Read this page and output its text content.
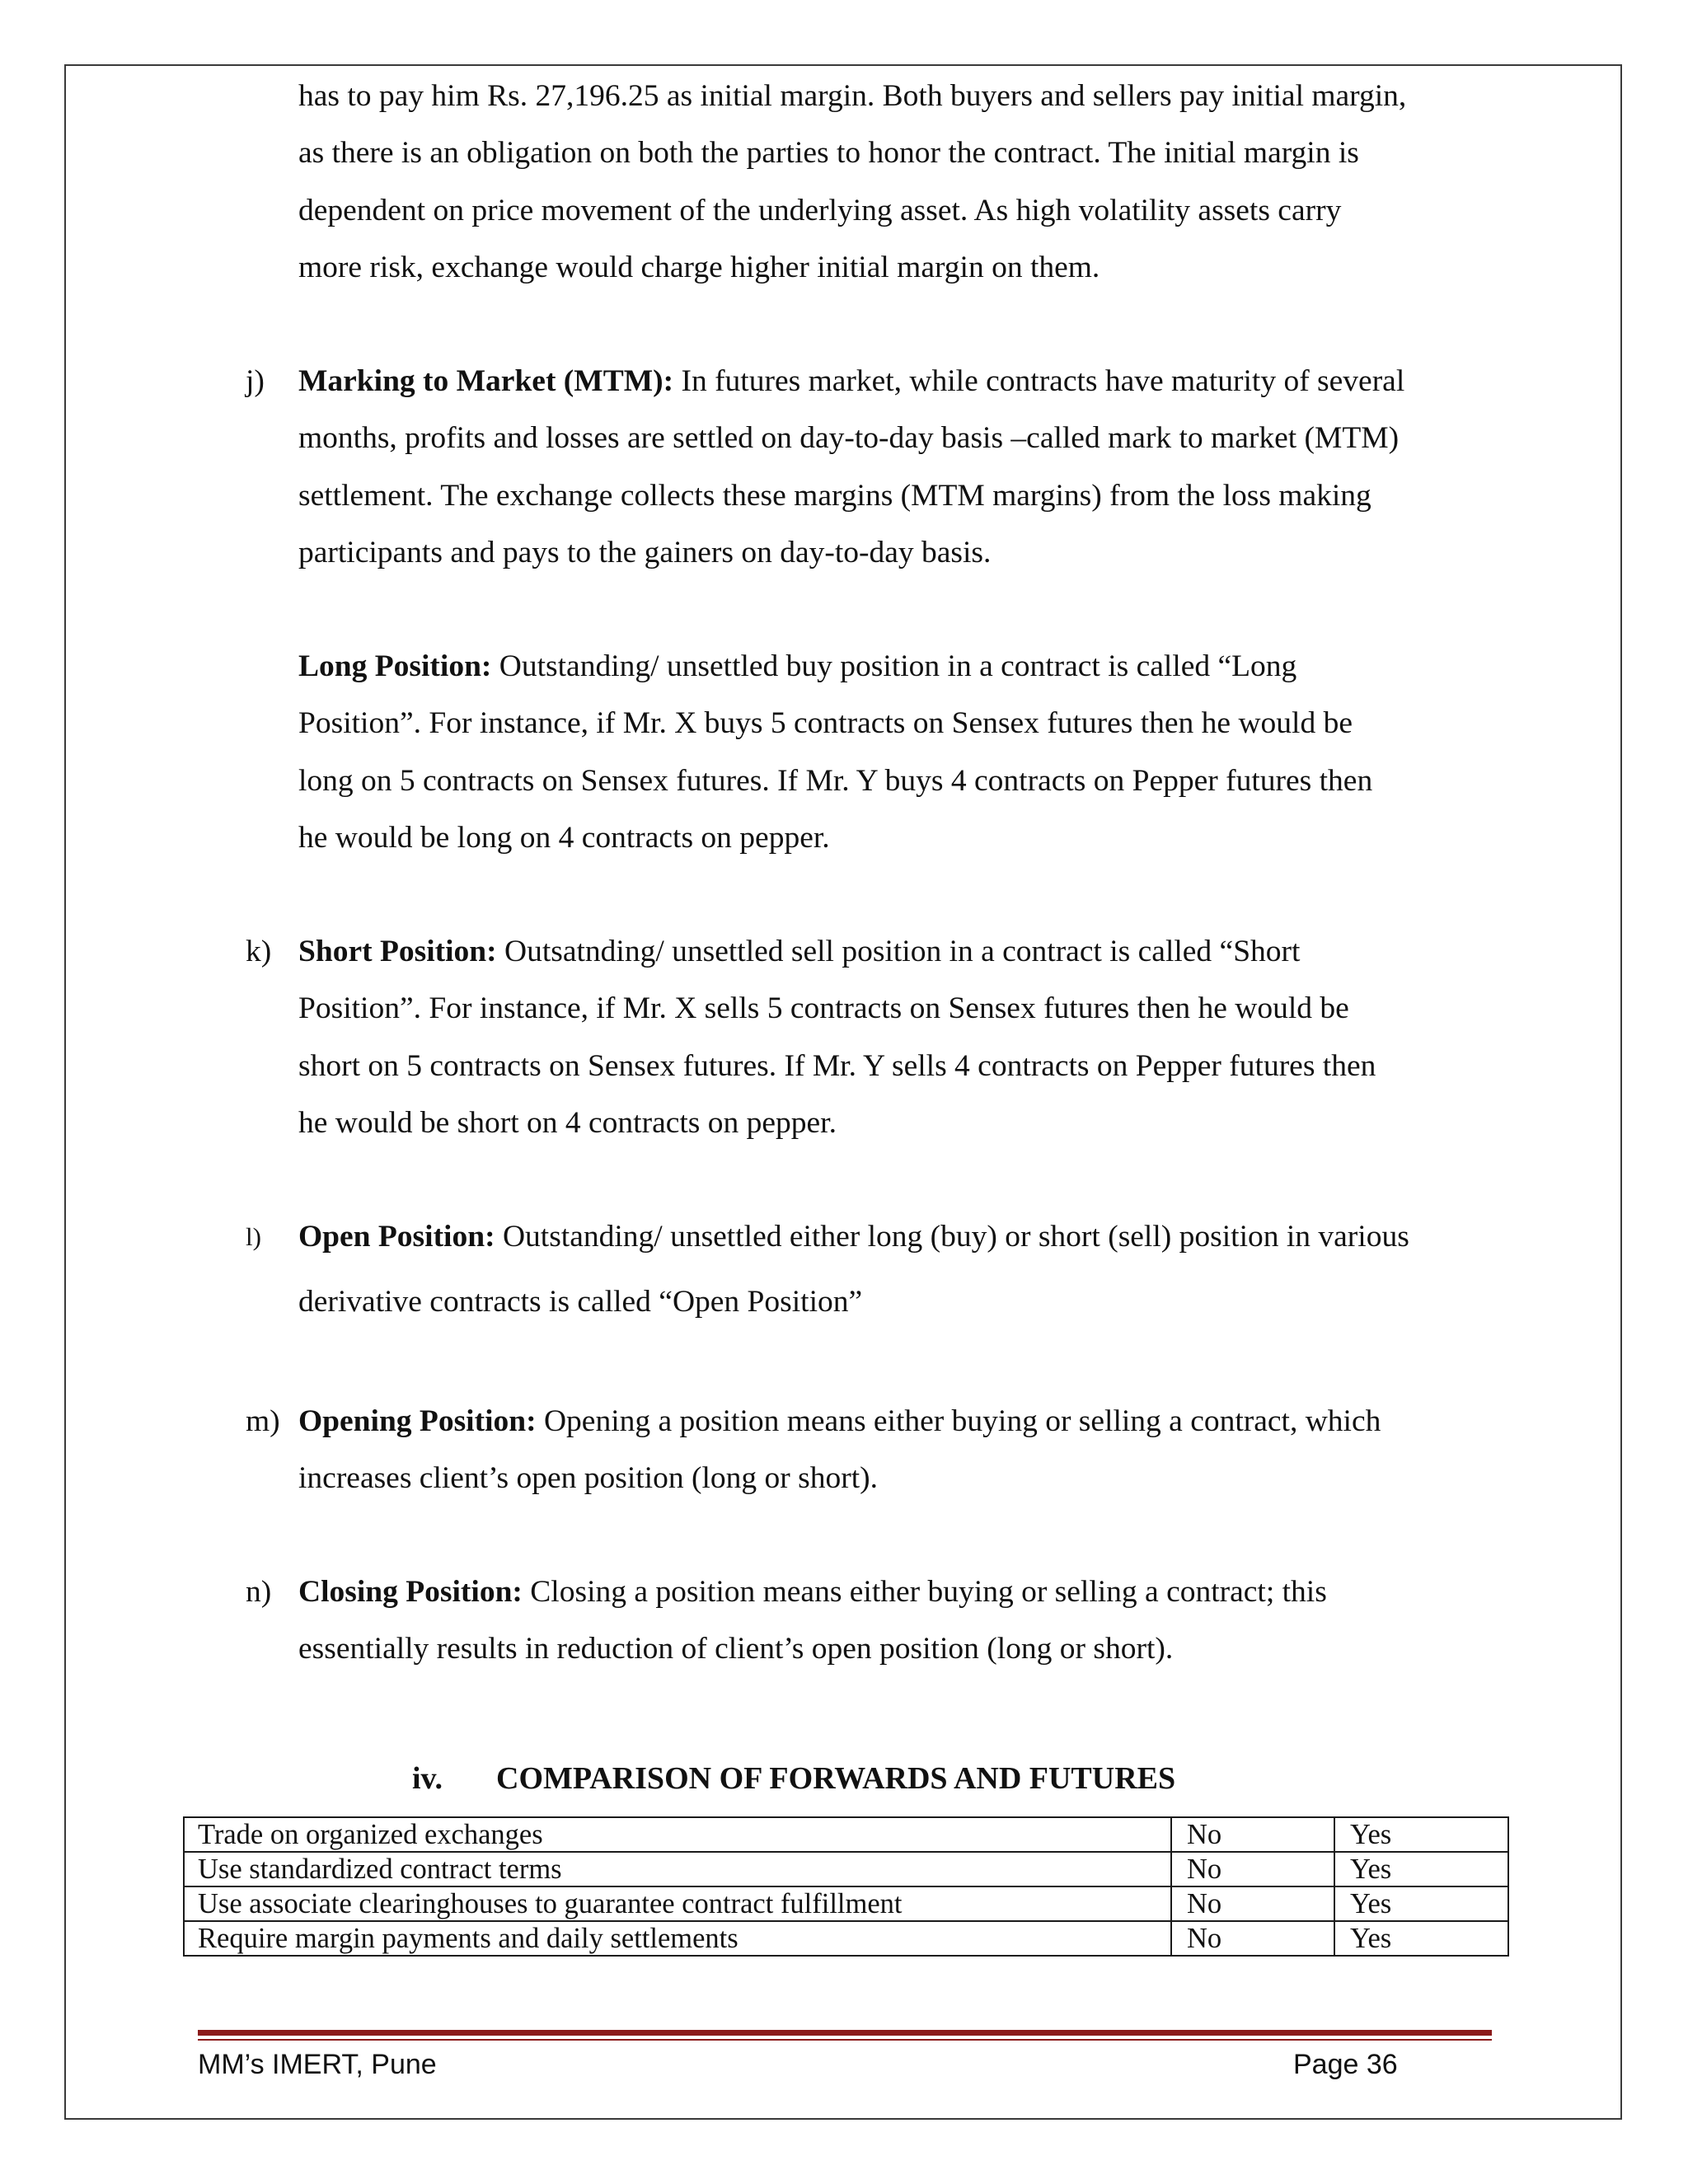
has to pay him Rs. 27,196.25 as initial margin. Both buyers and sellers pay initial margin,
as there is an obligation on both the parties to honor the contract. The initial margin is
dependent on price movement of the underlying asset. As high volatility assets carry
more risk, exchange would charge higher initial margin on them.
j) Marking to Market (MTM): In futures market, while contracts have maturity of several
months, profits and losses are settled on day-to-day basis –called mark to market (MTM)
settlement. The exchange collects these margins (MTM margins) from the loss making
participants and pays to the gainers on day-to-day basis.
Long Position: Outstanding/ unsettled buy position in a contract is called “Long
Position”. For instance, if Mr. X buys 5 contracts on Sensex futures then he would be
long on 5 contracts on Sensex futures. If Mr. Y buys 4 contracts on Pepper futures then
he would be long on 4 contracts on pepper.
k) Short Position: Outsatnding/ unsettled sell position in a contract is called “Short
Position”. For instance, if Mr. X sells 5 contracts on Sensex futures then he would be
short on 5 contracts on Sensex futures. If Mr. Y sells 4 contracts on Pepper futures then
he would be short on 4 contracts on pepper.
l) Open Position: Outstanding/ unsettled either long (buy) or short (sell) position in various
derivative contracts is called “Open Position”
m) Opening Position: Opening a position means either buying or selling a contract, which
increases client’s open position (long or short).
n) Closing Position: Closing a position means either buying or selling a contract; this
essentially results in reduction of client’s open position (long or short).
iv. COMPARISON OF FORWARDS AND FUTURES
Trade on organized exchanges	No	Yes
Use standardized contract terms	No	Yes
Use associate clearinghouses to guarantee contract fulfillment	No	Yes
Require margin payments and daily settlements	No	Yes
MM’s IMERT, Pune	Page 36
